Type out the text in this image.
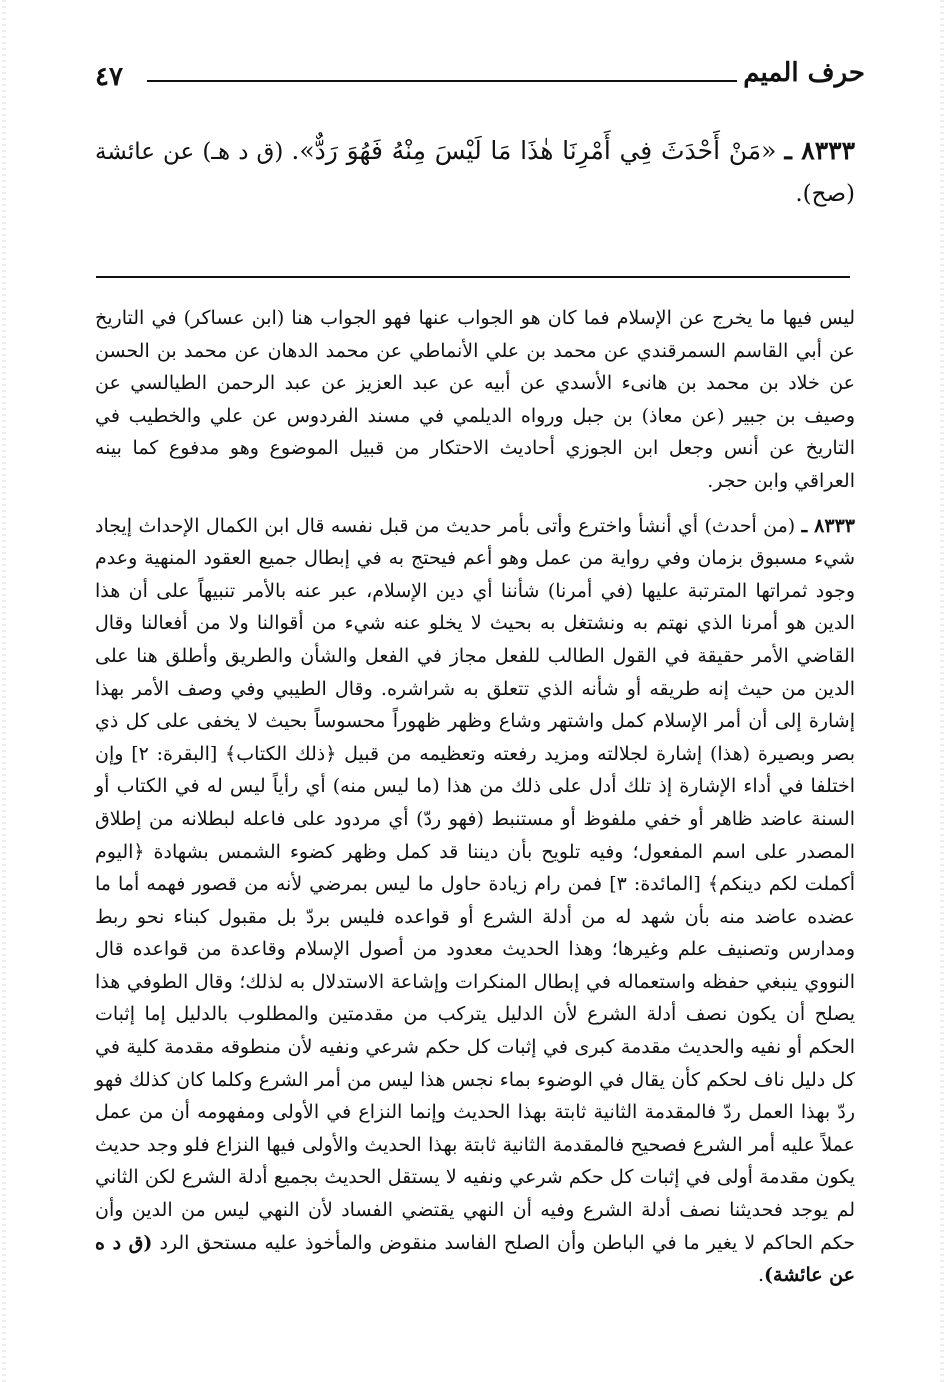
٤٧	حرف الميم
٨٣٣٣ ـ «مَنْ أَحْدَثَ فِي أَمْرِنَا هٰذَا مَا لَيْسَ مِنْهُ فَهُوَ رَدٌّ». (ق د هـ) عن عائشة (صح).

ليس فيها ما يخرج عن الإسلام فما كان هو الجواب عنها فهو الجواب هنا (ابن عساكر) في التاريخ عن أبي القاسم السمرقندي عن محمد بن علي الأنماطي عن محمد الدهان عن محمد بن الحسن عن خلاد بن محمد بن هانىء الأسدي عن أبيه عن عبد العزيز عن عبد الرحمن الطيالسي عن وصيف بن جبير (عن معاذ) بن جبل ورواه الديلمي في مسند الفردوس عن علي والخطيب في التاريخ عن أنس وجعل ابن الجوزي أحاديث الاحتكار من قبيل الموضوع وهو مدفوع كما بينه العراقي وابن حجر.

٨٣٣٣ ـ (من أحدث) أي أنشأ واخترع وأتى بأمر حديث من قبل نفسه قال ابن الكمال الإحداث إيجاد شيء مسبوق بزمان وفي رواية من عمل وهو أعم فيحتج به في إبطال جميع العقود المنهية وعدم وجود ثمراتها المترتبة عليها (في أمرنا) شأننا أي دين الإسلام، عبر عنه بالأمر تنبيهاً على أن هذا الدين هو أمرنا الذي نهتم به ونشتغل به بحيث لا يخلو عنه شيء من أقوالنا ولا من أفعالنا وقال القاضي الأمر حقيقة في القول الطالب للفعل مجاز في الفعل والشأن والطريق وأطلق هنا على الدين من حيث إنه طريقه أو شأنه الذي تتعلق به شراشره. وقال الطيبي وفي وصف الأمر بهذا إشارة إلى أن أمر الإسلام كمل واشتهر وشاع وظهر ظهوراً محسوساً بحيث لا يخفى على كل ذي بصر وبصيرة (هذا) إشارة لجلالته ومزيد رفعته وتعظيمه من قبيل ﴿ذلك الكتاب﴾ [البقرة: ٢] وإن اختلفا في أداء الإشارة إذ تلك أدل على ذلك من هذا (ما ليس منه) أي رأياً ليس له في الكتاب أو السنة عاضد ظاهر أو خفي ملفوظ أو مستنبط (فهو ردّ) أي مردود على فاعله لبطلانه من إطلاق المصدر على اسم المفعول؛ وفيه تلويح بأن ديننا قد كمل وظهر كضوء الشمس بشهادة ﴿اليوم أكملت لكم دينكم﴾ [المائدة: ٣] فمن رام زيادة حاول ما ليس بمرضي لأنه من قصور فهمه أما ما عضده عاضد منه بأن شهد له من أدلة الشرع أو قواعده فليس بردّ بل مقبول كبناء نحو ربط ومدارس وتصنيف علم وغيرها؛ وهذا الحديث معدود من أصول الإسلام وقاعدة من قواعده قال النووي ينبغي حفظه واستعماله في إبطال المنكرات وإشاعة الاستدلال به لذلك؛ وقال الطوفي هذا يصلح أن يكون نصف أدلة الشرع لأن الدليل يتركب من مقدمتين والمطلوب بالدليل إما إثبات الحكم أو نفيه والحديث مقدمة كبرى في إثبات كل حكم شرعي ونفيه لأن منطوقه مقدمة كلية في كل دليل ناف لحكم كأن يقال في الوضوء بماء نجس هذا ليس من أمر الشرع وكلما كان كذلك فهو ردّ بهذا العمل ردّ فالمقدمة الثانية ثابتة بهذا الحديث وإنما النزاع في الأولى ومفهومه أن من عمل عملاً عليه أمر الشرع فصحيح فالمقدمة الثانية ثابتة بهذا الحديث والأولى فيها النزاع فلو وجد حديث يكون مقدمة أولى في إثبات كل حكم شرعي ونفيه لا يستقل الحديث بجميع أدلة الشرع لكن الثاني لم يوجد فحديثنا نصف أدلة الشرع وفيه أن النهي يقتضي الفساد لأن النهي ليس من الدين وأن حكم الحاكم لا يغير ما في الباطن وأن الصلح الفاسد منقوض والمأخوذ عليه مستحق الرد (ق د ه عن عائشة).
